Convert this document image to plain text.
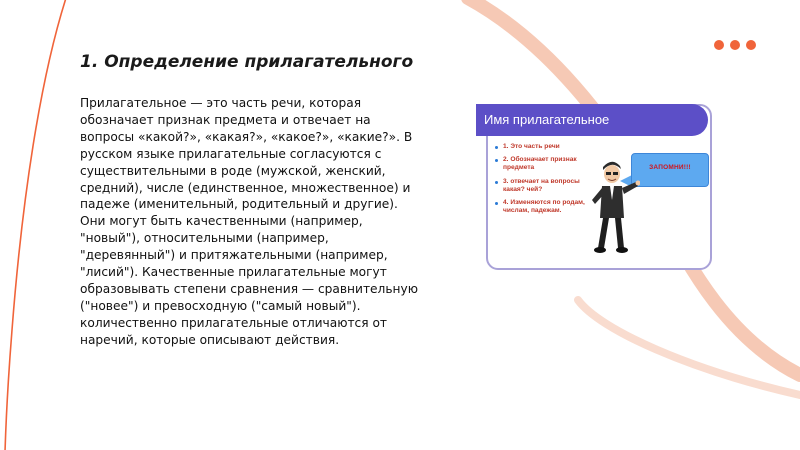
1. Определение прилагательного
Прилагательное — это часть речи, которая обозначает признак предмета и отвечает на вопросы «какой?», «какая?», «какое?», «какие?». В русском языке прилагательные согласуются с существительными в роде (мужской, женский, средний), числе (единственное, множественное) и падеже (именительный, родительный и другие). Они могут быть качественными (например, "новый"), относительными (например, "деревянный") и притяжательными (например, "лисий"). Качественные прилагательные могут образовывать степени сравнения — сравнительную ("новее") и превосходную ("самый новый"). количественно прилагательные отличаются от наречий, которые описывают действия.
Имя прилагательное
1. Это часть речи
2. Обозначает признак предмета
3. отвечает на вопросы какая? чей?
4. Изменяются по родам, числам, падежам.
ЗАПОМНИ!!!
